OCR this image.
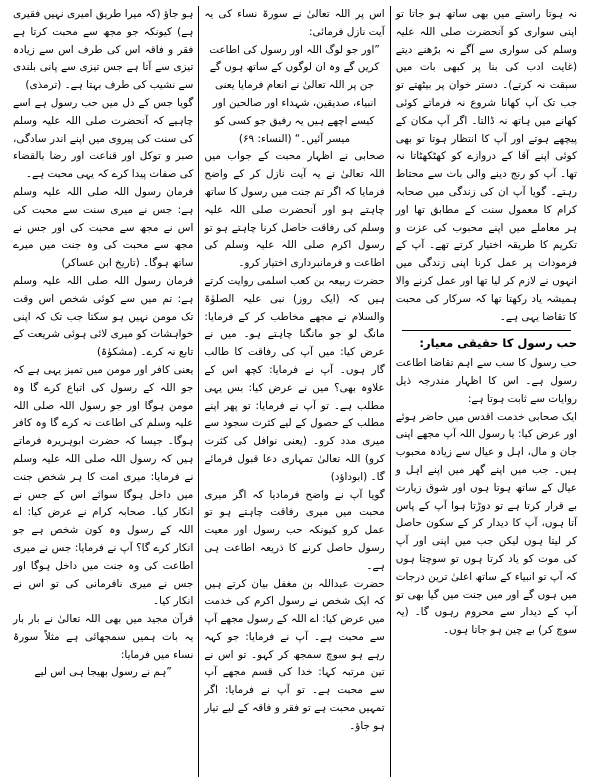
نہ ہوتا راستے میں بھی ساتھ ہو جاتا تو اپنی سواری کو آنحضرت صلی اللہ علیہ وسلم کی سواری سے آگے نہ بڑھنے دیتے (غایت ادب کی بنا پر کبھی بات میں سبقت نہ کرتے)۔ دستر خوان پر بیٹھتے تو جب تک آپ کھانا شروع نہ فرماتے کوئی کھانے میں ہاتھ نہ ڈالتا۔ اگر آپ مکان کے پیچھے ہوتے اور آپ کا انتظار ہوتا تو بھی کوئی اپنے آقا کے دروازے کو کھٹکھٹاتا نہ تھا۔ آپ کو رنج دینے والی بات سے محتاط رہتے۔ گویا آپ ان کی زندگی میں صحابہ کرام کا معمول سنت کے مطابق تھا اور ہر معاملے میں اپنے محبوب کی عزت و تکریم کا طریقہ اختیار کرتے تھے۔ آپ کے فرمودات پر عمل کرنا اپنی زندگی میں انہوں نے لازم کر لیا تھا اور عمل کرنے والا ہمیشہ یاد رکھتا تھا کہ سرکار کی محبت کا تقاضا یہی ہے۔

حب رسول کا حقیقی معیار:

حب رسول کا سب سے اہم تقاضا اطاعت رسول ہے۔ اس کا اظہار مندرجہ ذیل روایات سے ثابت ہوتا ہے:

ایک صحابی خدمت اقدس میں حاضر ہوئے اور عرض کیا: یا رسول اللہ آپ مجھے اپنی جان و مال، اہل و عیال سے زیادہ محبوب ہیں۔ جب میں اپنے گھر میں اپنے اہل و عیال کے ساتھ ہوتا ہوں اور شوق زیارت بے قرار کرتا ہے تو دوڑتا ہوا آپ کے پاس آتا ہوں، آپ کا دیدار کر کے سکون حاصل کر لیتا ہوں لیکن جب میں اپنی اور آپ کی موت کو یاد کرتا ہوں تو سوچتا ہوں کہ آپ تو انبیاء کے ساتھ اعلیٰ ترین درجات میں ہوں گے اور میں جنت میں گیا بھی تو آپ کے دیدار سے محروم رہوں گا۔ (یہ سوچ کر) بے چین ہو جاتا ہوں۔

اس پر اللہ تعالیٰ نے سورۃ نساء کی یہ آیت نازل فرمائی:

”اور جو لوگ اللہ اور رسول کی اطاعت کریں گے وہ ان لوگوں کے ساتھ ہوں گے جن پر اللہ تعالیٰ نے انعام فرمایا یعنی انبیاء، صدیقین، شہداء اور صالحین اور کیسے اچھے ہیں یہ رفیق جو کسی کو میسر آئیں۔“ (النساء: ۶۹)

صحابی نے اظہار محبت کے جواب میں اللہ تعالیٰ نے یہ آیت نازل کر کے واضح فرمایا کہ اگر تم جنت میں رسول کا ساتھ چاہتے ہو اور آنحضرت صلی اللہ علیہ وسلم کی رفاقت حاصل کرنا چاہتے ہو تو رسول اکرم صلی اللہ علیہ وسلم کی اطاعت و فرمانبرداری اختیار کرو۔

حضرت ربیعہ بن کعب اسلمی روایت کرتے ہیں کہ (ایک روز) نبی علیہ الصلوٰۃ والسلام نے مجھے مخاطب کر کے فرمایا: مانگ لو جو مانگنا چاہتے ہو۔ میں نے عرض کیا: میں آپ کی رفاقت کا طالب گار ہوں۔ آپ نے فرمایا: کچھ اس کے علاوہ بھی؟ میں نے عرض کیا: بس یہی مطلب ہے۔ تو آپ نے فرمایا: تو پھر اپنے مطلب کے حصول کے لیے کثرت سجود سے میری مدد کرو۔ (یعنی نوافل کی کثرت کرو) اللہ تعالیٰ تمہاری دعا قبول فرمائے گا۔ (ابوداؤد)

گویا آپ نے واضح فرمادیا کہ اگر میری محبت میں میری رفاقت چاہتے ہو تو عمل کرو کیونکہ حب رسول اور معیت رسول حاصل کرنے کا ذریعہ اطاعت ہی ہے۔

حضرت عبداللہ بن مغفل بیان کرتے ہیں کہ ایک شخص نے رسول اکرم کی خدمت میں عرض کیا: اے اللہ کے رسول مجھے آپ سے محبت ہے۔ آپ نے فرمایا: جو کہہ رہے ہو سوچ سمجھ کر کہو۔ تو اس نے تین مرتبہ کہا: خدا کی قسم مجھے آپ سے محبت ہے۔ تو آپ نے فرمایا: اگر تمہیں محبت ہے تو فقر و فاقہ کے لیے تیار ہو جاؤ۔

ہو جاؤ (کہ میرا طریق امیری نہیں فقیری ہے) کیونکہ جو مجھ سے محبت کرتا ہے فقر و فاقہ اس کی طرف اس سے زیادہ تیزی سے آتا ہے جس تیزی سے پانی بلندی سے نشیب کی طرف بہتا ہے۔ (ترمذی)

گویا جس کے دل میں حب رسول ہے اسے چاہیے کہ آنحضرت صلی اللہ علیہ وسلم کی سنت کی پیروی میں اپنے اندر سادگی، صبر و توکل اور قناعت اور رضا بالقضاء کی صفات پیدا کرے کہ یہی محبت ہے۔

فرمان رسول اللہ صلی اللہ علیہ وسلم ہے: جس نے میری سنت سے محبت کی اس نے مجھ سے محبت کی اور جس نے مجھ سے محبت کی وہ جنت میں میرے ساتھ ہوگا۔ (تاریخ ابن عساکر)

فرمان رسول اللہ صلی اللہ علیہ وسلم ہے: تم میں سے کوئی شخص اس وقت تک مومن نہیں ہو سکتا جب تک کہ اپنی خواہشات کو میری لائی ہوئی شریعت کے تابع نہ کرے۔ (مشکوٰۃ)

یعنی کافر اور مومن میں تمیز یہی ہے کہ جو اللہ کے رسول کی اتباع کرے گا وہ مومن ہوگا اور جو رسول اللہ صلی اللہ علیہ وسلم کی اطاعت نہ کرے گا وہ کافر ہوگا۔ جیسا کہ حضرت ابوہریرہ فرماتے ہیں کہ رسول اللہ صلی اللہ علیہ وسلم نے فرمایا: میری امت کا ہر شخص جنت میں داخل ہوگا سوائے اس کے جس نے انکار کیا۔ صحابہ کرام نے عرض کیا: اے اللہ کے رسول وہ کون شخص ہے جو انکار کرے گا؟ آپ نے فرمایا: جس نے میری اطاعت کی وہ جنت میں داخل ہوگا اور جس نے میری نافرمانی کی تو اس نے انکار کیا۔

قرآن مجید میں بھی اللہ تعالیٰ نے بار بار یہ بات ہمیں سمجھائی ہے مثلاً سورۃ نساء میں فرمایا:

”ہم نے رسول بھیجا ہی اس لیے
